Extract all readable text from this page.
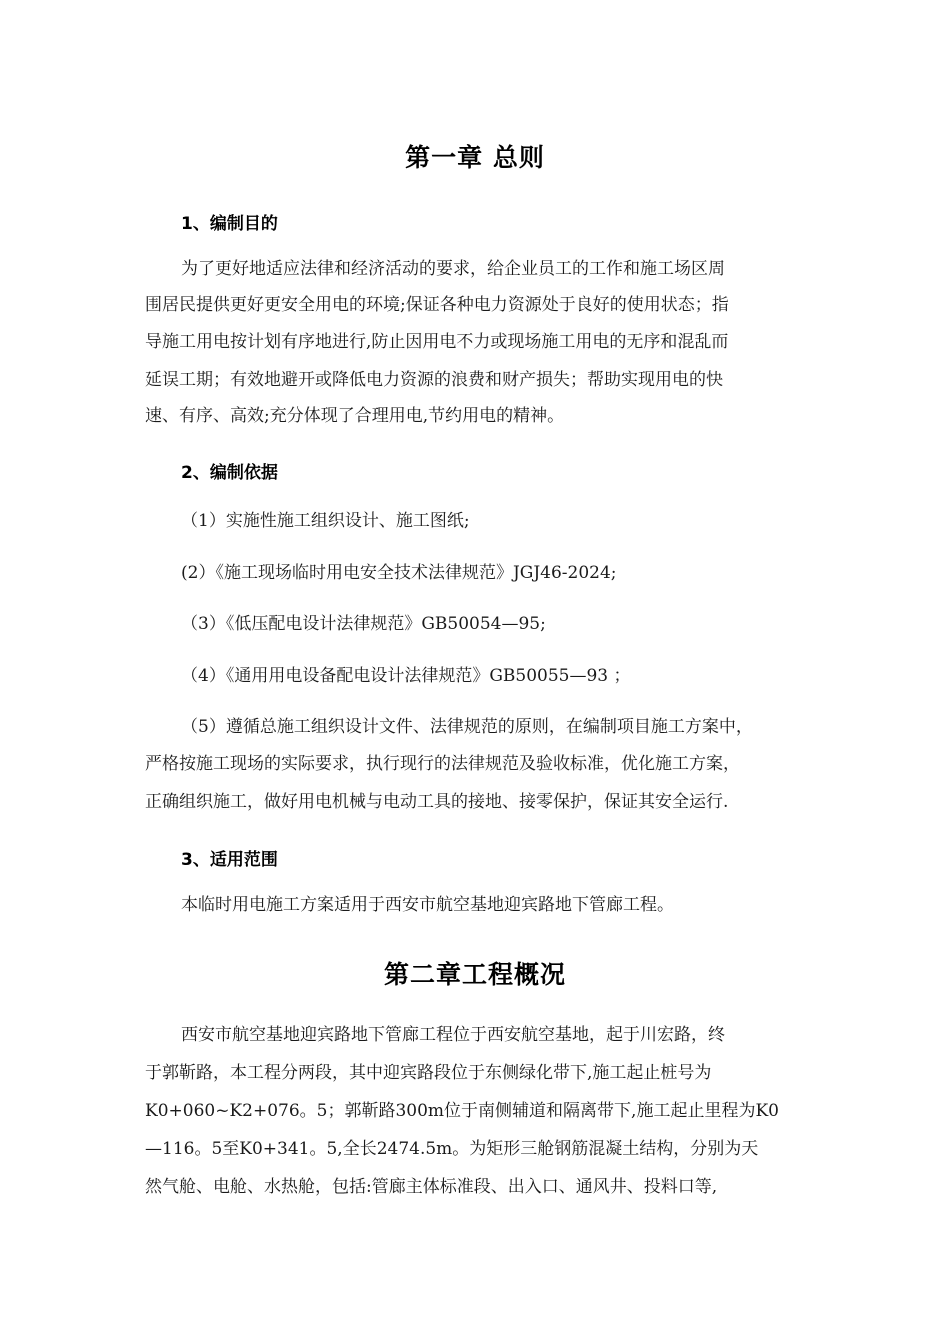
第一章 总则
1、编制目的
为了更好地适应法律和经济活动的要求，给企业员工的工作和施工场区周
围居民提供更好更安全用电的环境;保证各种电力资源处于良好的使用状态；指
导施工用电按计划有序地进行,防止因用电不力或现场施工用电的无序和混乱而
延误工期；有效地避开或降低电力资源的浪费和财产损失；帮助实现用电的快
速、有序、高效;充分体现了合理用电,节约用电的精神。
2、编制依据
（1）实施性施工组织设计、施工图纸;
(2）《施工现场临时用电安全技术法律规范》JGJ46-2024;
（3）《低压配电设计法律规范》GB50054—95;
（4）《通用用电设备配电设计法律规范》GB50055—93 ；
（5）遵循总施工组织设计文件、法律规范的原则，在编制项目施工方案中，
严格按施工现场的实际要求，执行现行的法律规范及验收标准，优化施工方案，
正确组织施工，做好用电机械与电动工具的接地、接零保护，保证其安全运行.
3、适用范围
本临时用电施工方案适用于西安市航空基地迎宾路地下管廊工程。
第二章工程概况
西安市航空基地迎宾路地下管廊工程位于西安航空基地，起于川宏路，终
于郭靳路，本工程分两段，其中迎宾路段位于东侧绿化带下,施工起止桩号为
K0+060~K2+076。5；郭靳路300m位于南侧辅道和隔离带下,施工起止里程为K0
—116。5至K0+341。5,全长2474.5m。为矩形三舱钢筋混凝土结构，分别为天
然气舱、电舱、水热舱，包括:管廊主体标准段、出入口、通风井、投料口等,
